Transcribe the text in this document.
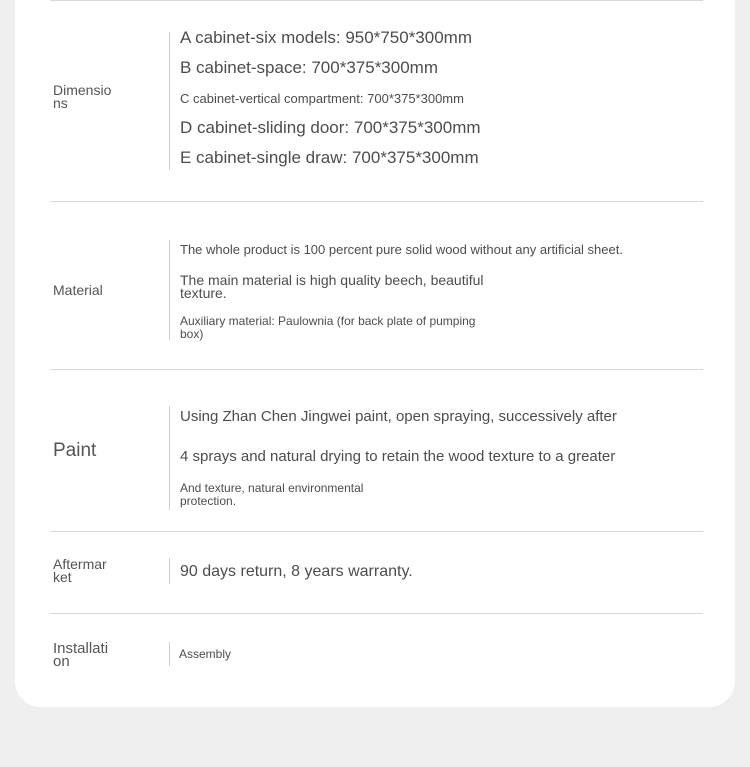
Dimensions
A cabinet-six models: 950*750*300mm
B cabinet-space: 700*375*300mm
C cabinet-vertical compartment: 700*375*300mm
D cabinet-sliding door: 700*375*300mm
E cabinet-single draw: 700*375*300mm
Material
The whole product is 100 percent pure solid wood without any artificial sheet.
The main material is high quality beech, beautiful texture.
Auxiliary material: Paulownia (for back plate of pumping box)
Paint
Using Zhan Chen Jingwei paint, open spraying, successively after
4 sprays and natural drying to retain the wood texture to a greater
And texture, natural environmental protection.
Aftermarket	90 days return, 8 years warranty.
Installation	Assembly
